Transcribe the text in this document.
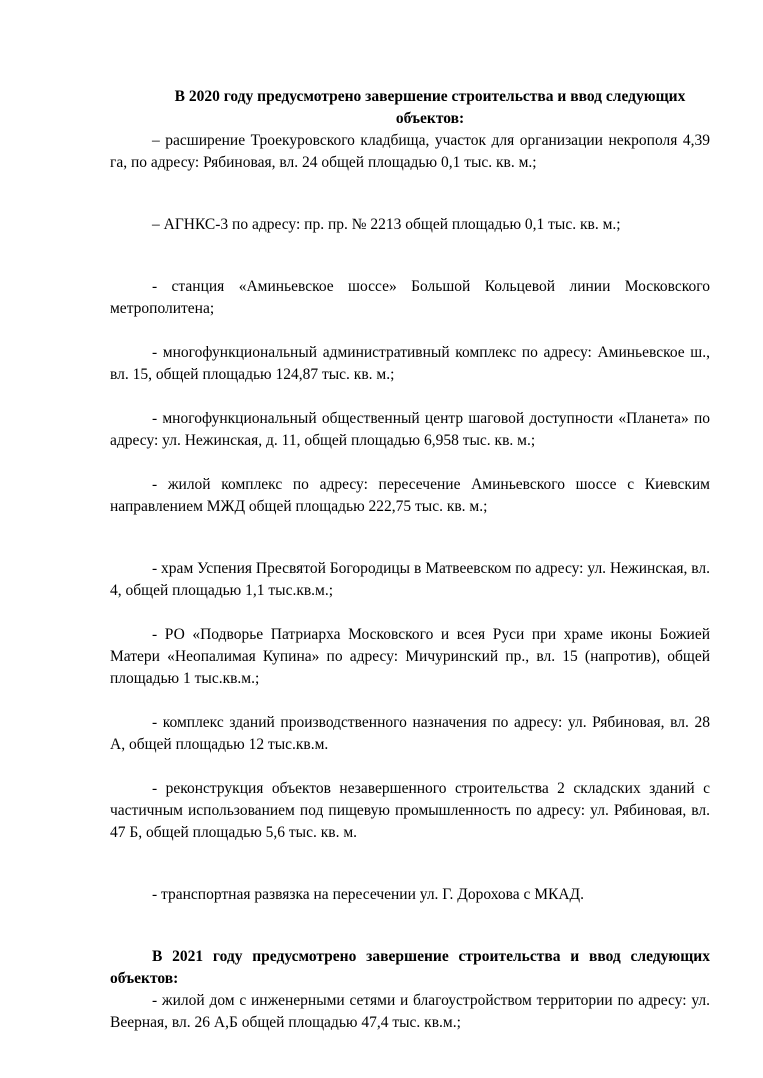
В 2020 году предусмотрено завершение строительства и ввод следующих объектов:

– расширение Троекуровского кладбища, участок для организации некрополя 4,39 га, по адресу: Рябиновая, вл. 24 общей площадью 0,1 тыс. кв. м.;

– АГНКС-3 по адресу: пр. пр. № 2213 общей площадью 0,1 тыс. кв. м.;

- станция «Аминьевское шоссе» Большой Кольцевой линии Московского метрополитена;

- многофункциональный административный комплекс по адресу: Аминьевское ш., вл. 15, общей площадью 124,87 тыс. кв. м.;

- многофункциональный общественный центр шаговой доступности «Планета» по адресу: ул. Нежинская, д. 11, общей площадью 6,958 тыс. кв. м.;

- жилой комплекс по адресу: пересечение Аминьевского шоссе с Киевским направлением МЖД общей площадью 222,75 тыс. кв. м.;

- храм Успения Пресвятой Богородицы в Матвеевском по адресу: ул. Нежинская, вл. 4, общей площадью 1,1 тыс.кв.м.;

- РО «Подворье Патриарха Московского и всея Руси при храме иконы Божией Матери «Неопалимая Купина» по адресу: Мичуринский пр., вл. 15 (напротив), общей площадью 1 тыс.кв.м.;

- комплекс зданий производственного назначения по адресу: ул. Рябиновая, вл. 28 А, общей площадью 12 тыс.кв.м.

- реконструкция объектов незавершенного строительства 2 складских зданий с частичным использованием под пищевую промышленность по адресу: ул. Рябиновая, вл. 47 Б, общей площадью 5,6 тыс. кв. м.

- транспортная развязка на пересечении ул. Г. Дорохова с МКАД.

В 2021 году предусмотрено завершение строительства и ввод следующих объектов:

- жилой дом с инженерными сетями и благоустройством территории по адресу: ул. Веерная, вл. 26 А,Б общей площадью 47,4 тыс. кв.м.;
